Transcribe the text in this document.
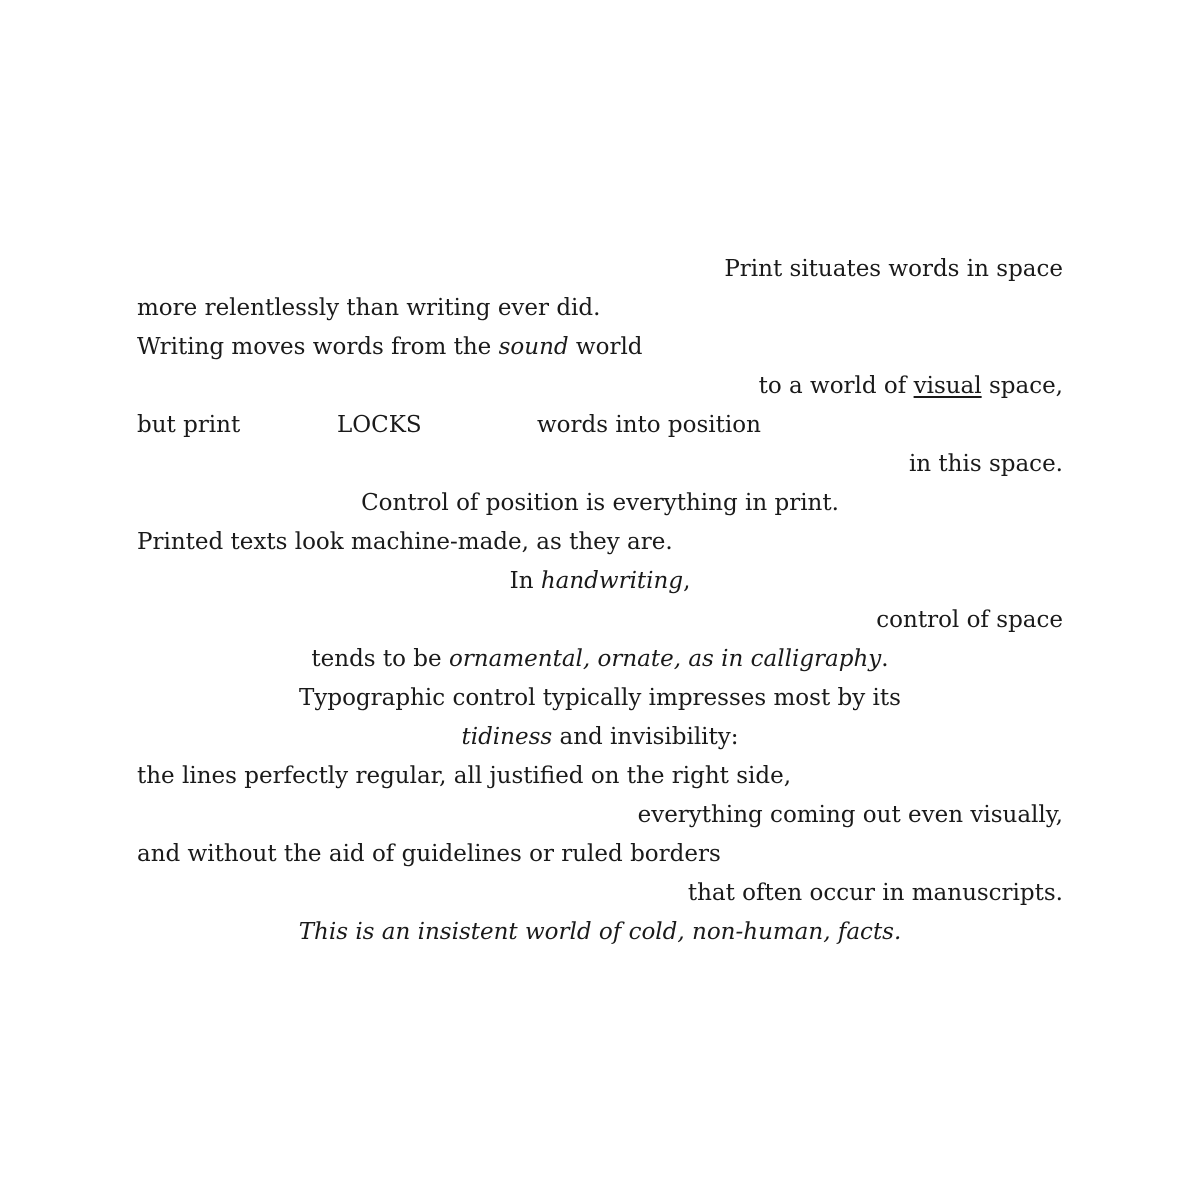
Print situates words in space
more relentlessly than writing ever did.
Writing moves words from the sound world
to a world of visual space,
but print	LOCKS	words into position
in this space.
Control of position is everything in print.
Printed texts look machine-made, as they are.
In handwriting,
control of space
tends to be ornamental, ornate, as in calligraphy.
Typographic control typically impresses most by its
tidiness and invisibility:
the lines perfectly regular, all justified on the right side,
everything coming out even visually,
and without the aid of guidelines or ruled borders
that often occur in manuscripts.
This is an insistent world of cold, non-human, facts.
